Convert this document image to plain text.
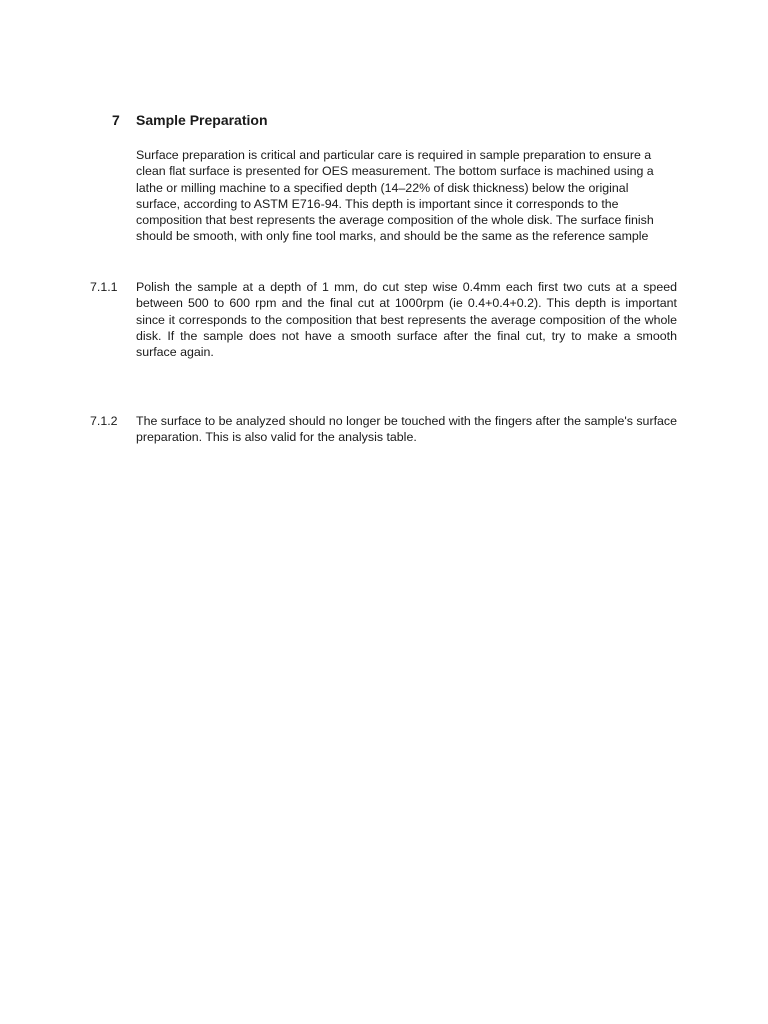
7 Sample Preparation

Surface preparation is critical and particular care is required in sample preparation to ensure a clean flat surface is presented for OES measurement. The bottom surface is machined using a lathe or milling machine to a specified depth (14–22% of disk thickness) below the original surface, according to ASTM E716-94. This depth is important since it corresponds to the composition that best represents the average composition of the whole disk. The surface finish should be smooth, with only fine tool marks, and should be the same as the reference sample

7.1.1 Polish the sample at a depth of 1 mm, do cut step wise 0.4mm each first two cuts at a speed between 500 to 600 rpm and the final cut at 1000rpm (ie 0.4+0.4+0.2). This depth is important since it corresponds to the composition that best represents the average composition of the whole disk. If the sample does not have a smooth surface after the final cut, try to make a smooth surface again.

7.1.2 The surface to be analyzed should no longer be touched with the fingers after the sample's surface preparation. This is also valid for the analysis table.
